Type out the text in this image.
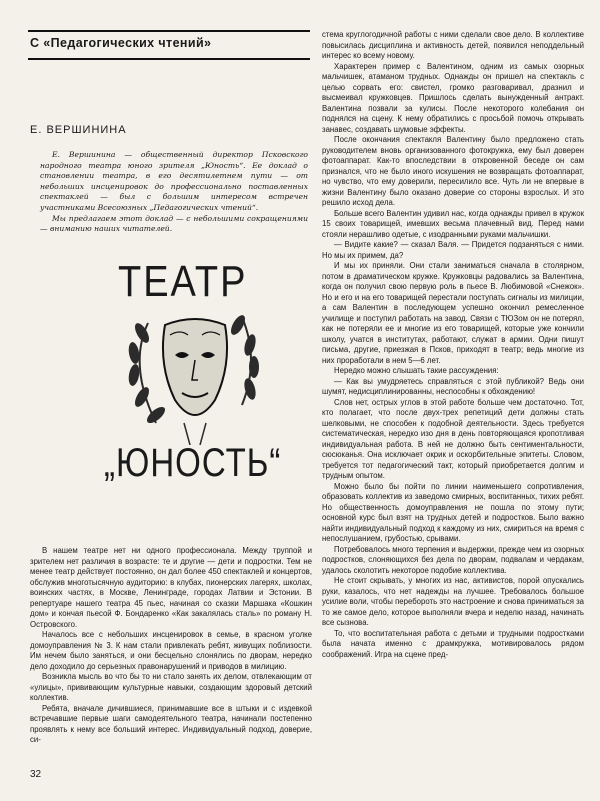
С «Педагогических чтений»
Е. ВЕРШИНИНА

Е. Вершинина — общественный директор Псковского народного театра юного зрителя „Юность“. Ее доклад о становлении театра, в его десятилетнем пути — от небольших инсценировок до профессионально поставленных спектаклей — был с большим интересом встречен участниками Всесоюзных „Педагогических чтений“.

Мы предлагаем этот доклад — с небольшими сокращениями — вниманию наших читателей.

ТЕАТР
„ЮНОСТЬ“

В нашем театре нет ни одного профессионала. Между труппой и зрителем нет различия в возрасте: те и другие — дети и подростки. Тем не менее театр действует постоянно, он дал более 450 спектаклей и концертов, обслужив многотысячную аудиторию: в клубах, пионерских лагерях, школах, воинских частях, в Москве, Ленинграде, городах Латвии и Эстонии. В репертуаре нашего театра 45 пьес, начиная со сказки Маршака «Кошкин дом» и кончая пьесой Ф. Бондаренко «Как закалялась сталь» по роману Н. Островского.

Началось все с небольших инсценировок в семье, в красном уголке домоуправления № 3. К нам стали привлекать ребят, живущих поблизости. Им нечем было заняться, и они бесцельно слонялись по дворам, нередко дело доходило до серьезных правонарушений и приводов в милицию.

Возникла мысль во что бы то ни стало занять их делом, отвлекающим от «улицы», прививающим культурные навыки, создающим здоровый детский коллектив.

Ребята, вначале дичившиеся, принимавшие все в штыки и с издевкой встречавшие первые шаги самодеятельного театра, начинали постепенно проявлять к нему все больший интерес. Индивидуальный подход, доверие, си-

стема круглогодичной работы с ними сделали свое дело. В коллективе повысилась дисциплина и активность детей, появился неподдельный интерес ко всему новому.

Характерен пример с Валентином, одним из самых озорных мальчишек, атаманом трудных. Однажды он пришел на спектакль с целью сорвать его: свистел, громко разговаривал, дразнил и высмеивал кружковцев. Пришлось сделать вынужденный антракт. Валентина позвали за кулисы. После некоторого колебания он поднялся на сцену. К нему обратились с просьбой помочь открывать занавес, создавать шумовые эффекты.

После окончания спектакля Валентину было предложено стать руководителем вновь организованного фотокружка, ему был доверен фотоаппарат. Как-то впоследствии в откровенной беседе он сам признался, что не было иного искушения не возвращать фотоаппарат, но чувство, что ему доверили, пересилило все. Чуть ли не впервые в жизни Валентину было оказано доверие со стороны взрослых. И это решило исход дела.

Больше всего Валентин удивил нас, когда однажды привел в кружок 15 своих товарищей, имевших весьма плачевный вид. Перед нами стояли нерашливо одетые, с изодранными руками мальчишки.

— Видите какие? — сказал Валя. — Придется подзаняться с ними. Но мы их примем, да?

И мы их приняли. Они стали заниматься сначала в столярном, потом в драматическом кружке. Кружковцы радовались за Валентина, когда он получил свою первую роль в пьесе В. Любимовой «Снежок». Но и его и на его товарищей перестали поступать сигналы из милиции, а сам Валентин в последующем успешно окончил ремесленное училище и поступил работать на завод. Связи с ТЮЗом он не потерял, как не потеряли ее и многие из его товарищей, которые уже кончили школу, учатся в институтах, работают, служат в армии. Одни пишут письма, другие, приезжая в Псков, приходят в театр; ведь многие из них проработали в нем 5—6 лет.

Нередко можно слышать такие рассуждения:

— Как вы умудряетесь справляться с этой публикой? Ведь они шумят, недисциплинированны, неспособны к обхождению!

Слов нет, острых углов в этой работе больше чем достаточно. Тот, кто полагает, что после двух-трех репетиций дети должны стать шелковыми, не способен к подобной деятельности. Здесь требуется систематическая, нередко изо дня в день повторяющаяся кропотливая индивидуальная работа. В ней не должно быть сентиментальности, сюсюканья. Она исключает окрик и оскорбительные эпитеты. Словом, требуется тот педагогический такт, который приобретается долгим и трудным опытом.

Можно было бы пойти по линии наименьшего сопротивления, образовать коллектив из заведомо смирных, воспитанных, тихих ребят. Но общественность домоуправления не пошла по этому пути; основной курс был взят на трудных детей и подростков. Было важно найти индивидуальный подход к каждому из них, смириться на время с непослушанием, грубостью, срывами.

Потребовалось много терпения и выдержки, прежде чем из озорных подростков, слоняющихся без дела по дворам, подвалам и чердакам, удалось сколотить некоторое подобие коллектива.

Не стоит скрывать, у многих из нас, активистов, порой опускались руки, казалось, что нет надежды на лучшее. Требовалось большое усилие воли, чтобы перебороть это настроение и снова приниматься за то же самое дело, которое выполняли вчера и неделю назад, начинать все сызнова.

То, что воспитательная работа с детьми и трудными подростками была начата именно с драмкружка, мотивировалось рядом соображений. Игра на сцене пред-

32
